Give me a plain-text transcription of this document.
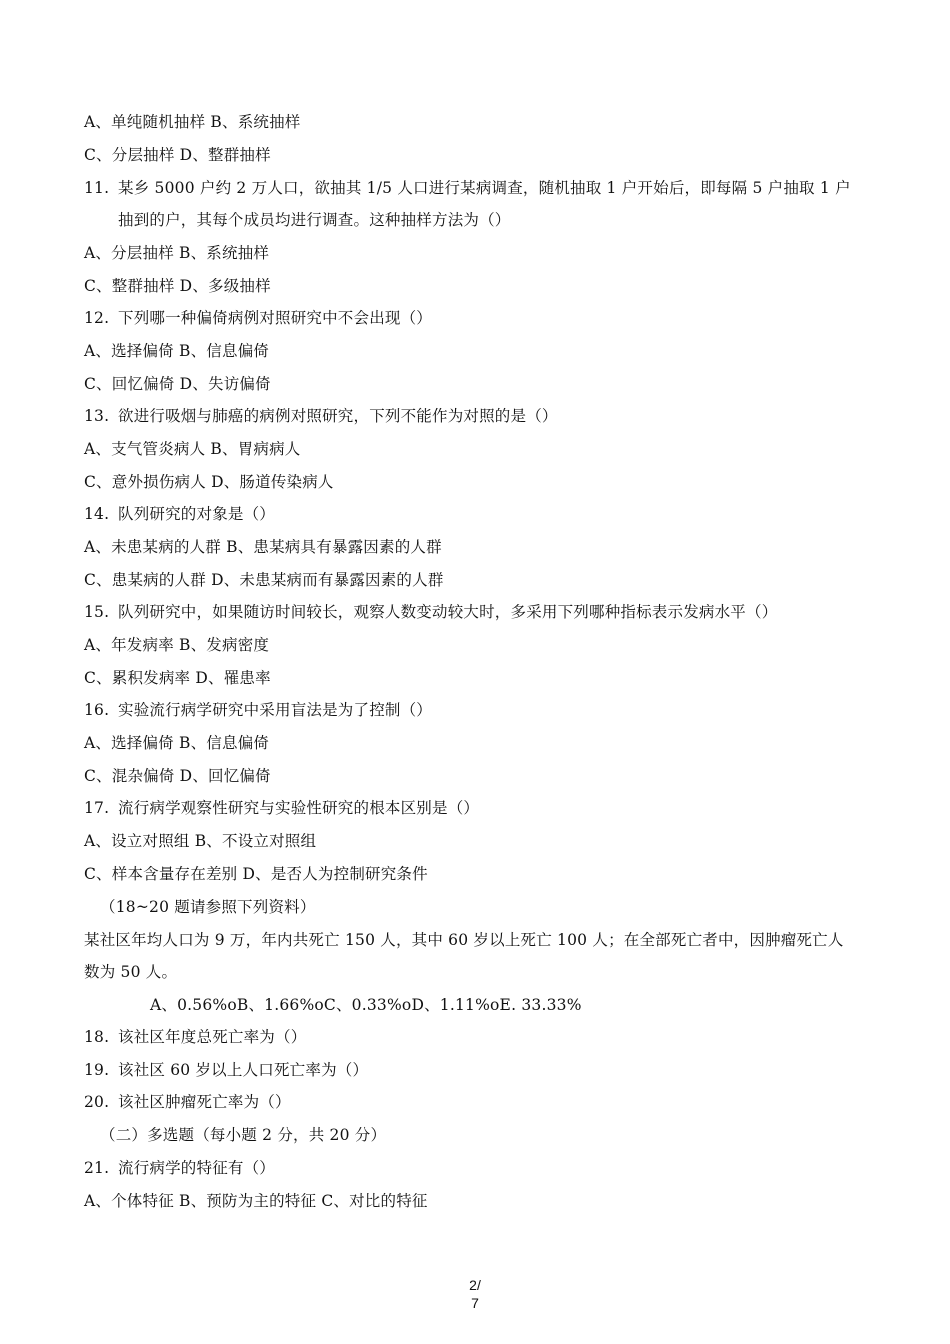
A、单纯随机抽样 B、系统抽样
C、分层抽样 D、整群抽样
11. 某乡 5000 户约 2 万人口，欲抽其 1/5 人口进行某病调查，随机抽取 1 户开始后，即每隔 5 户抽取 1 户
抽到的户，其每个成员均进行调查。这种抽样方法为（）
A、分层抽样 B、系统抽样
C、整群抽样 D、多级抽样
12. 下列哪一种偏倚病例对照研究中不会出现（）
A、选择偏倚 B、信息偏倚
C、回忆偏倚 D、失访偏倚
13. 欲进行吸烟与肺癌的病例对照研究，下列不能作为对照的是（）
A、支气管炎病人 B、胃病病人
C、意外损伤病人 D、肠道传染病人
14. 队列研究的对象是（）
A、未患某病的人群 B、患某病具有暴露因素的人群
C、患某病的人群 D、未患某病而有暴露因素的人群
15. 队列研究中，如果随访时间较长，观察人数变动较大时，多采用下列哪种指标表示发病水平（）
A、年发病率 B、发病密度
C、累积发病率 D、罹患率
16. 实验流行病学研究中采用盲法是为了控制（）
A、选择偏倚 B、信息偏倚
C、混杂偏倚 D、回忆偏倚
17. 流行病学观察性研究与实验性研究的根本区别是（）
A、设立对照组 B、不设立对照组
C、样本含量存在差别 D、是否人为控制研究条件
（18~20 题请参照下列资料）
某社区年均人口为 9 万，年内共死亡 150 人，其中 60 岁以上死亡 100 人；在全部死亡者中，因肿瘤死亡人
数为 50 人。
A、0.56%oB、1.66%oC、0.33%oD、1.11%oE. 33.33%
18. 该社区年度总死亡率为（）
19. 该社区 60 岁以上人口死亡率为（）
20. 该社区肿瘤死亡率为（）
（二）多选题（每小题 2 分，共 20 分）
21. 流行病学的特征有（）
A、个体特征 B、预防为主的特征 C、对比的特征
2/
7
